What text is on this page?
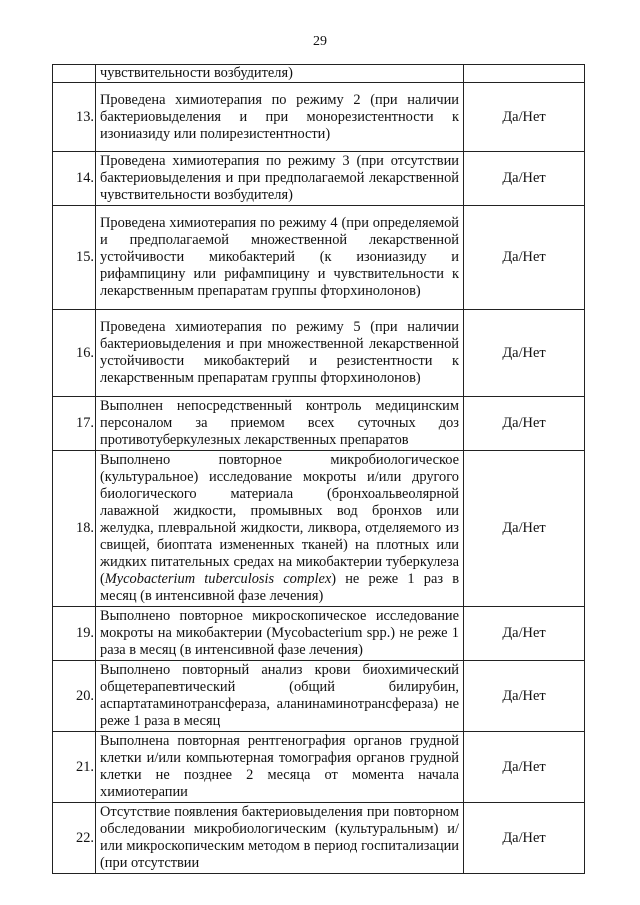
29
	чувствительности возбудителя)	
13.	Проведена химиотерапия по режиму 2 (при наличии бактериовыделения и при монорезистентности к изониазиду или полирезистентности)	Да/Нет
14.	Проведена химиотерапия по режиму 3 (при отсутствии бактериовыделения и при предполагаемой лекарственной чувствительности возбудителя)	Да/Нет
15.	Проведена химиотерапия по режиму 4 (при определяемой и предполагаемой множественной лекарственной устойчивости микобактерий (к изониазиду и рифампицину или рифампицину и чувствительности к лекарственным препаратам группы фторхинолонов)	Да/Нет
16.	Проведена химиотерапия по режиму 5 (при наличии бактериовыделения и при множественной лекарственной устойчивости микобактерий и резистентности к лекарственным препаратам группы фторхинолонов)	Да/Нет
17.	Выполнен непосредственный контроль медицинским персоналом за приемом всех суточных доз противотуберкулезных лекарственных препаратов	Да/Нет
18.	Выполнено повторное микробиологическое (культуральное) исследование мокроты и/или другого биологического материала (бронхоальвеолярной лаважной жидкости, промывных вод бронхов или желудка, плевральной жидкости, ликвора, отделяемого из свищей, биоптата измененных тканей) на плотных или жидких питательных средах на микобактерии туберкулеза (Mycobacterium tuberculosis complex) не реже 1 раз в месяц (в интенсивной фазе лечения)	Да/Нет
19.	Выполнено повторное микроскопическое исследование мокроты на микобактерии (Mycobacterium spp.) не реже 1 раза в месяц (в интенсивной фазе лечения)	Да/Нет
20.	Выполнено повторный анализ крови биохимический общетерапевтический (общий билирубин, аспартатаминотрансфераза, аланинаминотрансфераза) не реже 1 раза в месяц	Да/Нет
21.	Выполнена повторная рентгенография органов грудной клетки и/или компьютерная томография органов грудной клетки не позднее 2 месяца от момента начала химиотерапии	Да/Нет
22.	Отсутствие появления бактериовыделения при повторном обследовании микробиологическим (культуральным) и/или микроскопическим методом в период госпитализации (при отсутствии	Да/Нет
